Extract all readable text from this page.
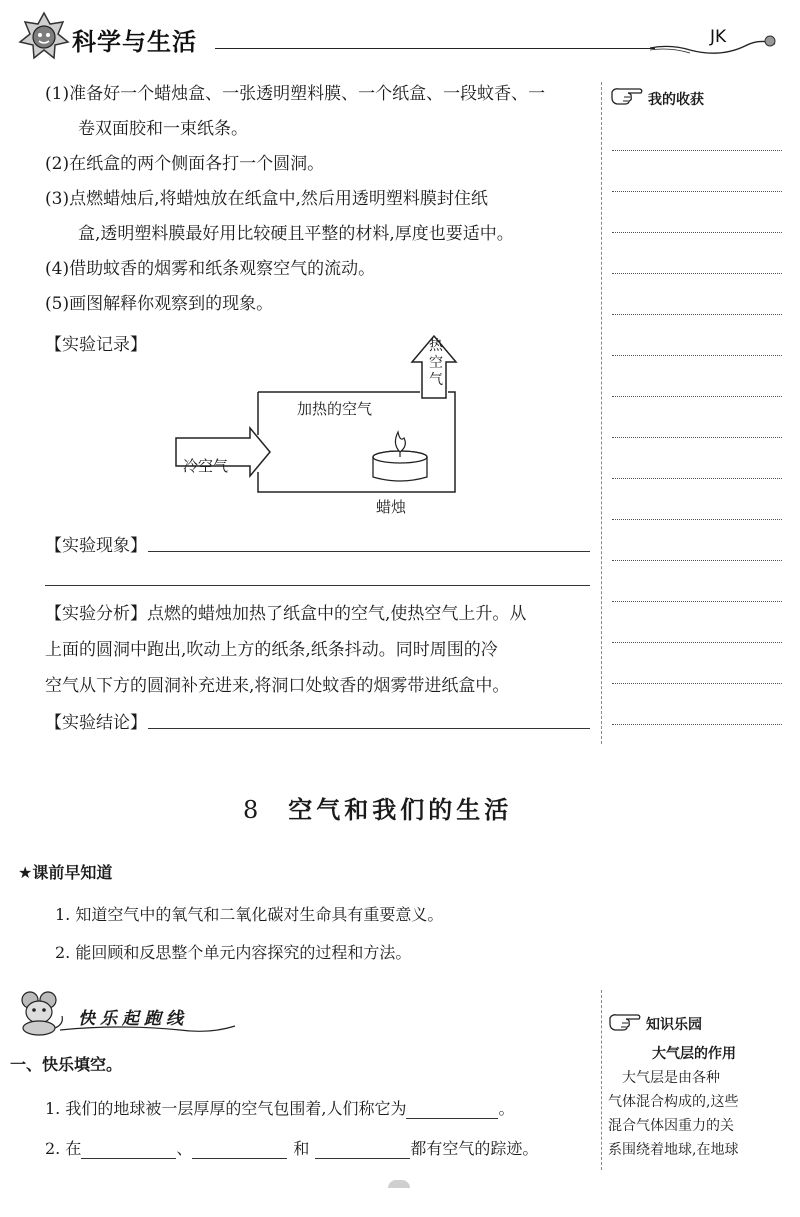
科学与生活	JK
(1)准备好一个蜡烛盒、一张透明塑料膜、一个纸盒、一段蚊香、一
卷双面胶和一束纸条。
(2)在纸盒的两个侧面各打一个圆洞。
(3)点燃蜡烛后,将蜡烛放在纸盒中,然后用透明塑料膜封住纸
盒,透明塑料膜最好用比较硬且平整的材料,厚度也要适中。
(4)借助蚊香的烟雾和纸条观察空气的流动。
(5)画图解释你观察到的现象。
【实验记录】	热
空
气
加热的空气
冷空气
蜡烛
【实验现象】
【实验分析】点燃的蜡烛加热了纸盒中的空气,使热空气上升。从
上面的圆洞中跑出,吹动上方的纸条,纸条抖动。同时周围的冷
空气从下方的圆洞补充进来,将洞口处蚊香的烟雾带进纸盒中。
【实验结论】
我的收获
8 空气和我们的生活
★课前早知道
1. 知道空气中的氧气和二氧化碳对生命具有重要意义。
2. 能回顾和反思整个单元内容探究的过程和方法。
快乐起跑线
一、快乐填空。
1. 我们的地球被一层厚厚的空气包围着,人们称它为	。
2. 在	、	和	都有空气的踪迹。
知识乐园
大气层的作用
　大气层是由各种
气体混合构成的,这些
混合气体因重力的关
系围绕着地球,在地球
